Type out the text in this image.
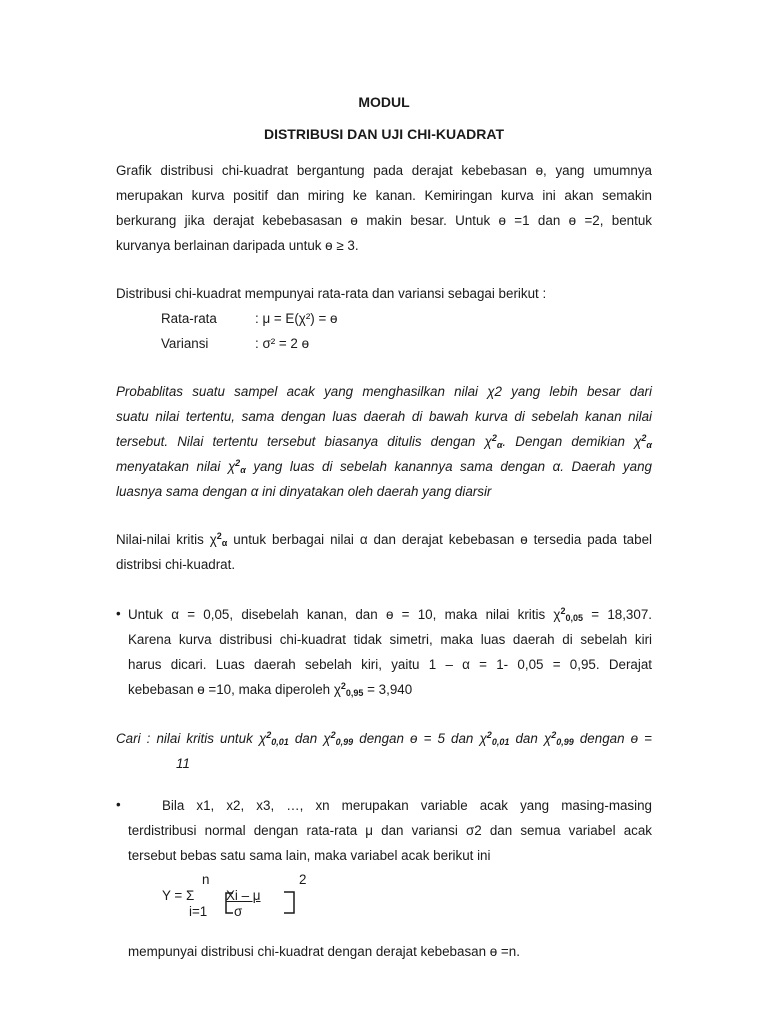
MODUL
DISTRIBUSI DAN UJI CHI-KUADRAT
Grafik distribusi chi-kuadrat bergantung pada derajat kebebasan ɵ, yang umumnya
merupakan kurva positif dan miring ke kanan. Kemiringan kurva ini akan semakin
berkurang jika derajat kebebasasan ɵ makin besar. Untuk ɵ =1 dan ɵ =2, bentuk
kurvanya berlainan daripada untuk ɵ ≥ 3.
Distribusi chi-kuadrat mempunyai rata-rata dan variansi sebagai berikut :
Rata-rata	: μ = E(χ²) = ɵ
Variansi	: σ² = 2 ɵ
Probablitas suatu sampel acak yang menghasilkan nilai χ2 yang lebih besar dari
suatu nilai tertentu, sama dengan luas daerah di bawah kurva di sebelah kanan nilai
tersebut. Nilai tertentu tersebut biasanya ditulis dengan $\chi^2_\alpha$. Dengan demikian $\chi^2_\alpha$
menyatakan nilai $\chi^2_\alpha$ yang luas di sebelah kanannya sama dengan α. Daerah yang
luasnya sama dengan α ini dinyatakan oleh daerah yang diarsir
Nilai-nilai kritis $\chi^2_\alpha$ untuk berbagai nilai α dan derajat kebebasan ɵ tersedia pada tabel
distribsi chi-kuadrat.
• Untuk α = 0,05, disebelah kanan, dan ɵ = 10, maka nilai kritis $\chi^2_{0,05} = 18,307$.
Karena kurva distribusi chi-kuadrat tidak simetri, maka luas daerah di sebelah kiri
harus dicari. Luas daerah sebelah kiri, yaitu 1 – α = 1- 0,05 = 0,95. Derajat
kebebasan ɵ =10, maka diperoleh $\chi^2_{0,95} = 3,940$
Cari : nilai kritis untuk $\chi^2_{0,01}$ dan $\chi^2_{0,99}$ dengan ɵ = 5 dan $\chi^2_{0,01}$ dan $\chi^2_{0,99}$ dengan ɵ =
11
•	Bila x1, x2, x3, …, xn merupakan variable acak yang masing-masing
terdistribusi normal dengan rata-rata μ dan variansi σ2 dan semua variabel acak
tersebut bebas satu sama lain, maka variabel acak berikut ini
n	2
Y = Σ Xi – μ
i=1 σ
mempunyai distribusi chi-kuadrat dengan derajat kebebasan ɵ =n.
